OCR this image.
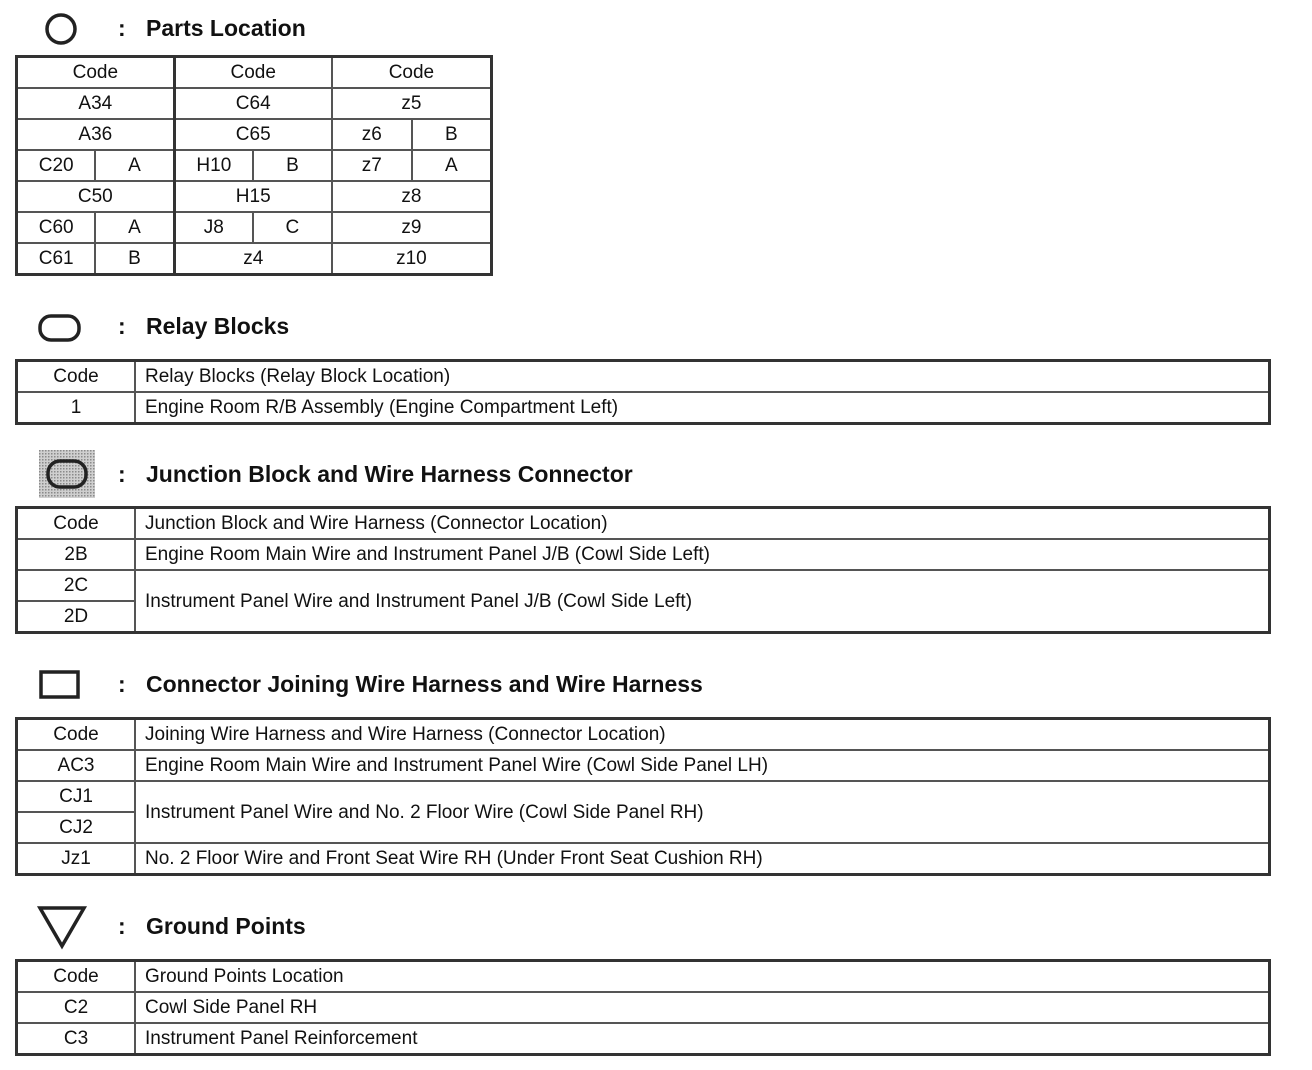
: Parts Location
Code		Code		Code	
A34		C64		z5	
A36		C65		z6	B
C20	A	H10	B	z7	A
C50		H15		z8	
C60	A	J8	C	z9	
C61	B	z4		z10	
: Relay Blocks
Code	Relay Blocks (Relay Block Location)
1	Engine Room R/B Assembly (Engine Compartment Left)
: Junction Block and Wire Harness Connector
Code	Junction Block and Wire Harness (Connector Location)
2B	Engine Room Main Wire and Instrument Panel J/B (Cowl Side Left)
2C	Instrument Panel Wire and Instrument Panel J/B (Cowl Side Left)
2D	
: Connector Joining Wire Harness and Wire Harness
Code	Joining Wire Harness and Wire Harness (Connector Location)
AC3	Engine Room Main Wire and Instrument Panel Wire (Cowl Side Panel LH)
CJ1	Instrument Panel Wire and No. 2 Floor Wire (Cowl Side Panel RH)
CJ2	
Jz1	No. 2 Floor Wire and Front Seat Wire RH (Under Front Seat Cushion RH)
: Ground Points
Code	Ground Points Location
C2	Cowl Side Panel RH
C3	Instrument Panel Reinforcement
